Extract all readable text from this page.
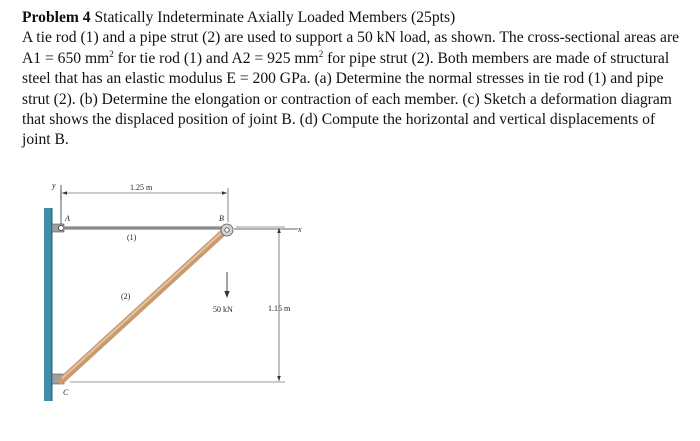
Problem 4 Statically Indeterminate Axially Loaded Members (25pts)

A tie rod (1) and a pipe strut (2) are used to support a 50 kN load, as shown. The cross-sectional areas are A1 = 650 $mm^2$ for tie rod (1) and A2 = 925 $mm^2$ for pipe strut (2). Both members are made of structural steel that has an elastic modulus E = 200 GPa. (a) Determine the normal stresses in tie rod (1) and pipe strut (2). (b) Determine the elongation or contraction of each member. (c) Sketch a deformation diagram that shows the displaced position of joint B. (d) Compute the horizontal and vertical displacements of joint B.

y	1.25 m
x
1.15 m
50 kN
(1)
(2)
A	B
C
